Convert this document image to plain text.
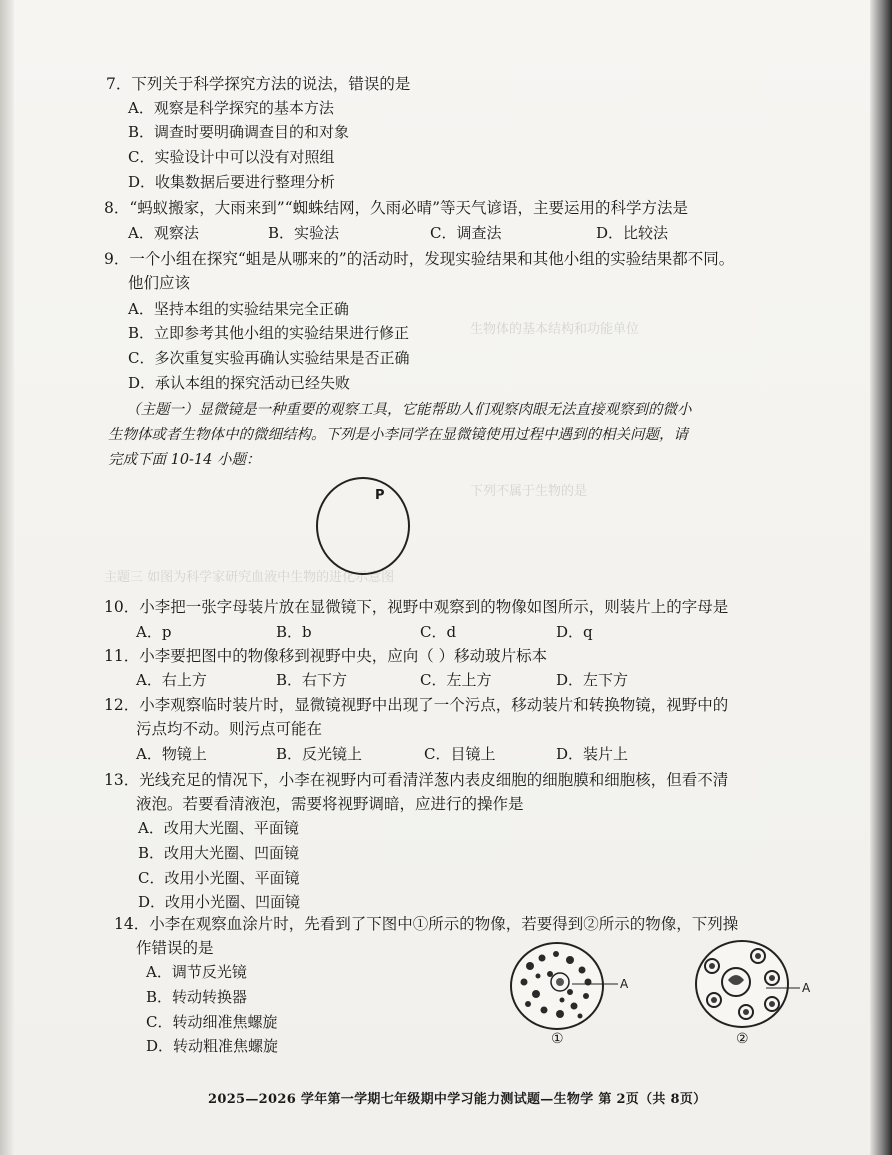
生物体的基本结构和功能单位
下列不属于生物的是
主题三 如图为科学家研究血液中生物的进化示意图
7．下列关于科学探究方法的说法，错误的是
A．观察是科学探究的基本方法
B．调查时要明确调查目的和对象
C．实验设计中可以没有对照组
D．收集数据后要进行整理分析
8．“蚂蚁搬家，大雨来到”“蜘蛛结网，久雨必晴”等天气谚语，主要运用的科学方法是
A．观察法	B．实验法	C．调查法	D．比较法
9．一个小组在探究“蛆是从哪来的”的活动时，发现实验结果和其他小组的实验结果都不同。
他们应该
A．坚持本组的实验结果完全正确
B．立即参考其他小组的实验结果进行修正
C．多次重复实验再确认实验结果是否正确
D．承认本组的探究活动已经失败
（主题一）显微镜是一种重要的观察工具，它能帮助人们观察肉眼无法直接观察到的微小
生物体或者生物体中的微细结构。下列是小李同学在显微镜使用过程中遇到的相关问题，请
完成下面 10-14 小题：
P
10．小李把一张字母装片放在显微镜下，视野中观察到的物像如图所示，则装片上的字母是
A．p	B．b	C．d	D．q
11．小李要把图中的物像移到视野中央，应向（ ）移动玻片标本
A．右上方	B．右下方	C．左上方	D．左下方
12．小李观察临时装片时，显微镜视野中出现了一个污点，移动装片和转换物镜，视野中的
污点均不动。则污点可能在
A．物镜上	B．反光镜上	C．目镜上	D．装片上
13．光线充足的情况下，小李在视野内可看清洋葱内表皮细胞的细胞膜和细胞核，但看不清
液泡。若要看清液泡，需要将视野调暗，应进行的操作是
A．改用大光圈、平面镜
B．改用大光圈、凹面镜
C．改用小光圈、平面镜
D．改用小光圈、凹面镜
14．小李在观察血涂片时，先看到了下图中①所示的物像，若要得到②所示的物像，下列操
作错误的是
A．调节反光镜
B．转动转换器
C．转动细准焦螺旋
D．转动粗准焦螺旋
A	A
①	②
2025—2026 学年第一学期七年级期中学习能力测试题—生物学 第 2页（共 8页）
